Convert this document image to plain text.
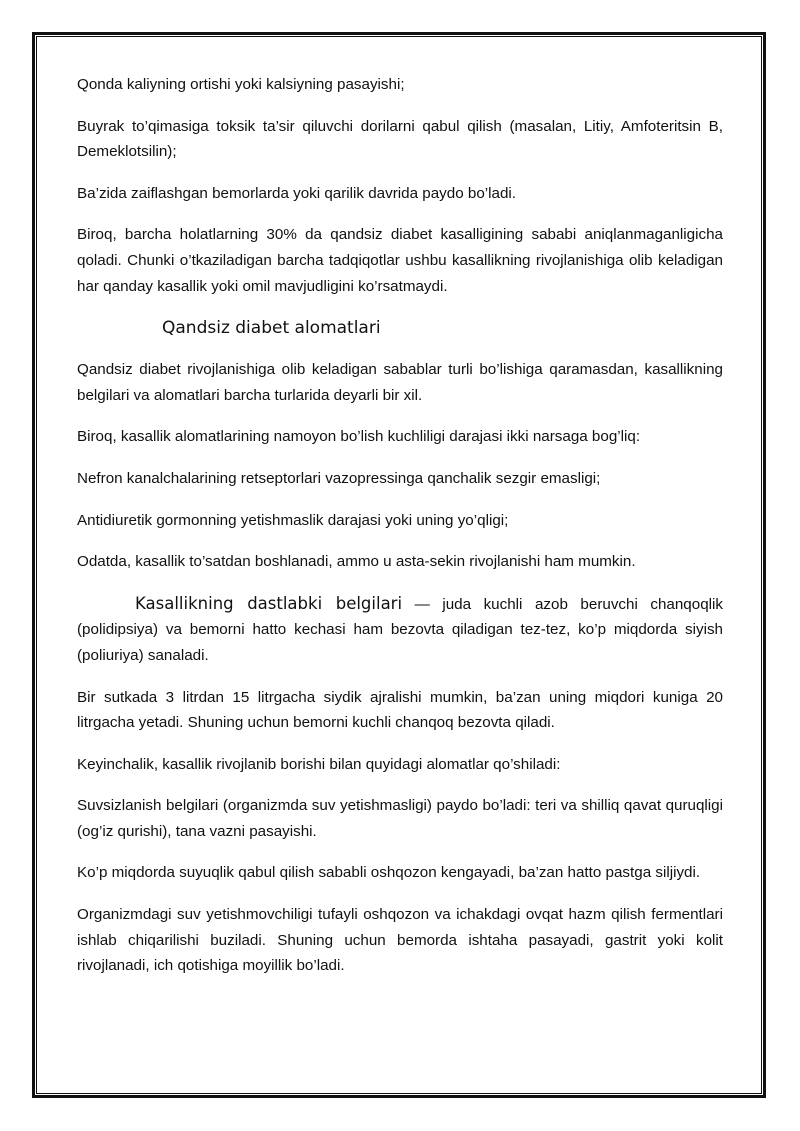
Qonda kaliyning ortishi yoki kalsiyning pasayishi;

Buyrak to’qimasiga toksik ta’sir qiluvchi dorilarni qabul qilish (masalan, Litiy, Amfoteritsin B, Demeklotsilin);

Ba’zida zaiflashgan bemorlarda yoki qarilik davrida paydo bo’ladi.

Biroq, barcha holatlarning 30% da qandsiz diabet kasalligining sababi aniqlanmaganligicha qoladi. Chunki o’tkaziladigan barcha tadqiqotlar ushbu kasallikning rivojlanishiga olib keladigan har qanday kasallik yoki omil mavjudligini ko’rsatmaydi.

Qandsiz diabet alomatlari

Qandsiz diabet rivojlanishiga olib keladigan sabablar turli bo’lishiga qaramasdan, kasallikning belgilari va alomatlari barcha turlarida deyarli bir xil.

Biroq, kasallik alomatlarining namoyon bo’lish kuchliligi darajasi ikki narsaga bog’liq:

Nefron kanalchalarining retseptorlari vazopressinga qanchalik sezgir emasligi;

Antidiuretik gormonning yetishmaslik darajasi yoki uning yo’qligi;

Odatda, kasallik to’satdan boshlanadi, ammo u asta-sekin rivojlanishi ham mumkin.

Kasallikning dastlabki belgilari — juda kuchli azob beruvchi chanqoqlik (polidipsiya) va bemorni hatto kechasi ham bezovta qiladigan tez-tez, ko’p miqdorda siyish (poliuriya) sanaladi.

Bir sutkada 3 litrdan 15 litrgacha siydik ajralishi mumkin, ba’zan uning miqdori kuniga 20 litrgacha yetadi. Shuning uchun bemorni kuchli chanqoq bezovta qiladi.

Keyinchalik, kasallik rivojlanib borishi bilan quyidagi alomatlar qo’shiladi:

Suvsizlanish belgilari (organizmda suv yetishmasligi) paydo bo’ladi: teri va shilliq qavat quruqligi (og’iz qurishi), tana vazni pasayishi.

Ko’p miqdorda suyuqlik qabul qilish sababli oshqozon kengayadi, ba’zan hatto pastga siljiydi.

Organizmdagi suv yetishmovchiligi tufayli oshqozon va ichakdagi ovqat hazm qilish fermentlari ishlab chiqarilishi buziladi. Shuning uchun bemorda ishtaha pasayadi, gastrit yoki kolit rivojlanadi, ich qotishiga moyillik bo’ladi.
